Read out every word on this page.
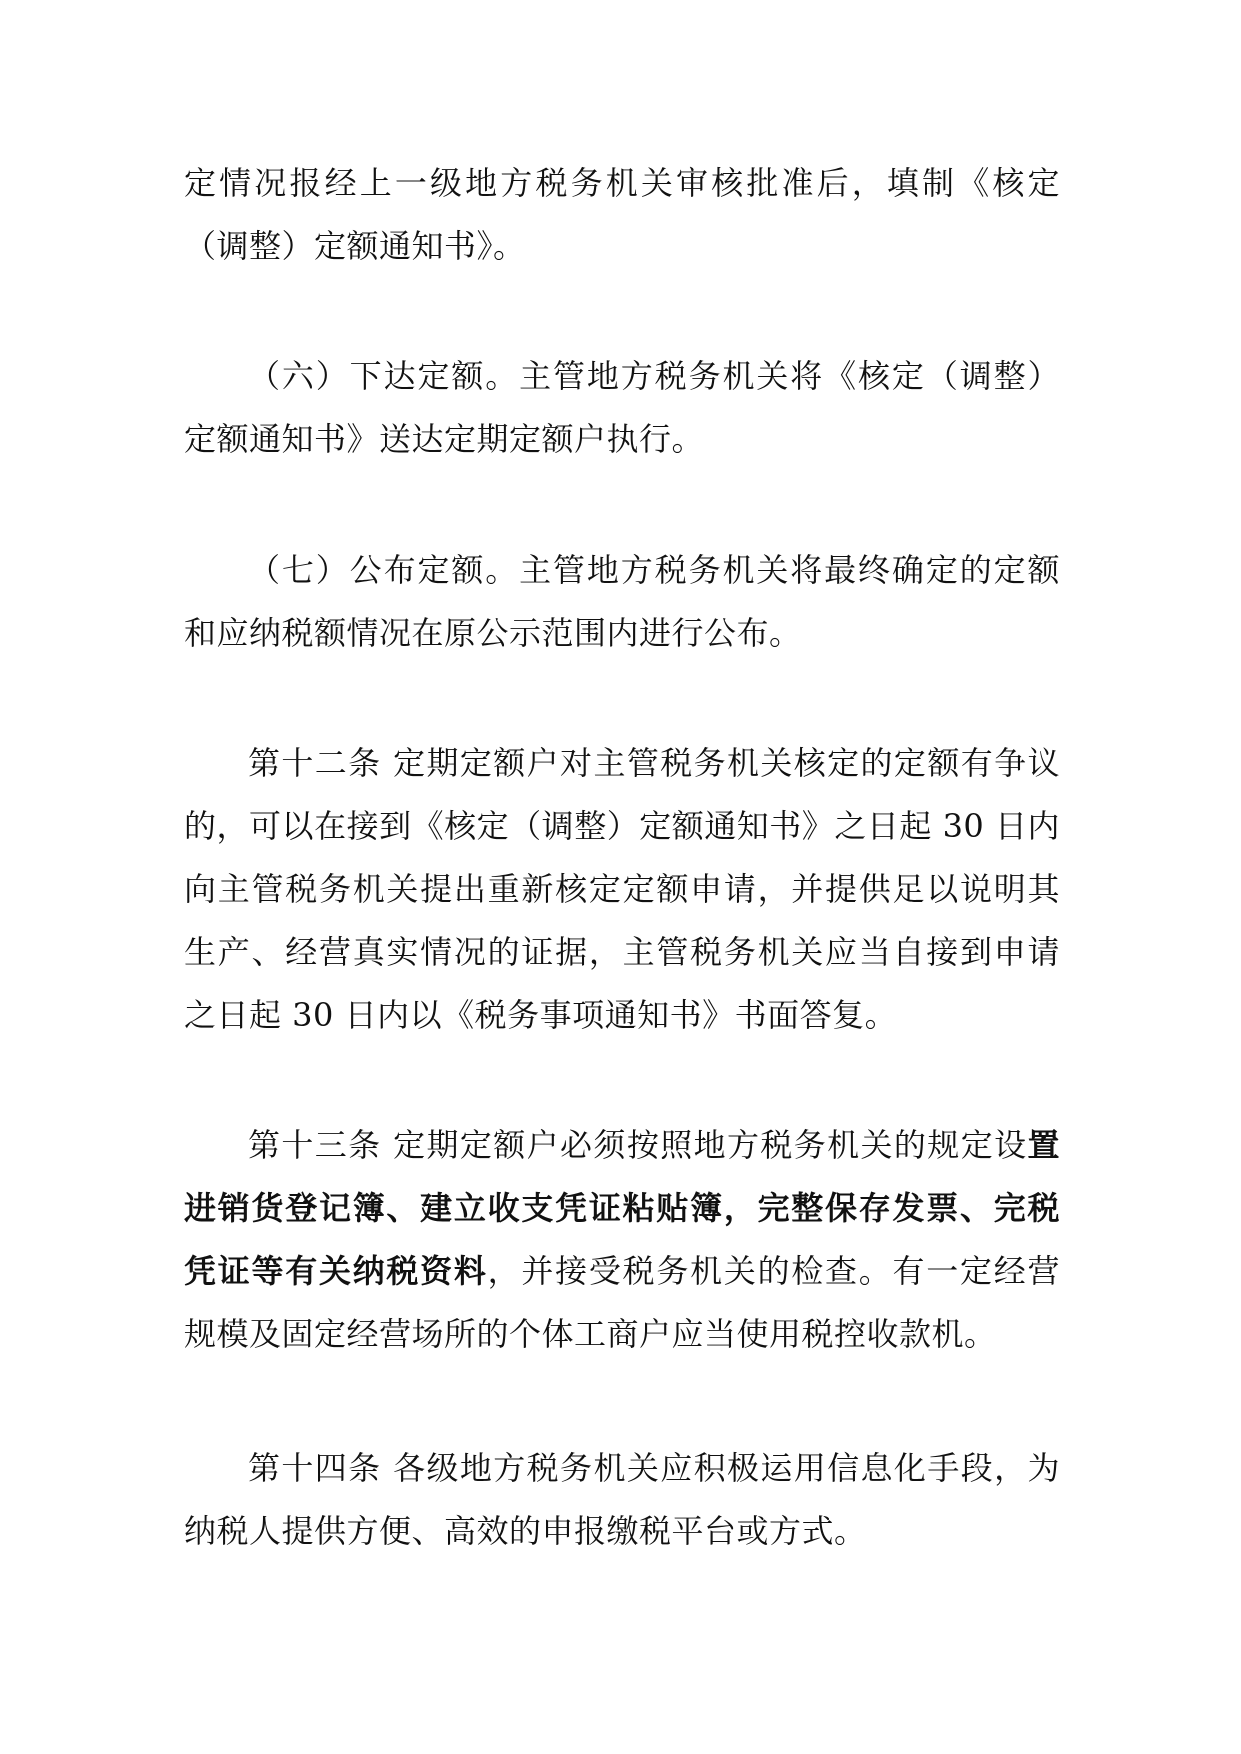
定情况报经上一级地方税务机关审核批准后，填制《核定（调整）定额通知书》。

（六）下达定额。主管地方税务机关将《核定（调整）定额通知书》送达定期定额户执行。

（七）公布定额。主管地方税务机关将最终确定的定额和应纳税额情况在原公示范围内进行公布。

第十二条 定期定额户对主管税务机关核定的定额有争议的，可以在接到《核定（调整）定额通知书》之日起 30 日内向主管税务机关提出重新核定定额申请，并提供足以说明其生产、经营真实情况的证据，主管税务机关应当自接到申请之日起 30 日内以《税务事项通知书》书面答复。

第十三条 定期定额户必须按照地方税务机关的规定设置进销货登记簿、建立收支凭证粘贴簿，完整保存发票、完税凭证等有关纳税资料，并接受税务机关的检查。有一定经营规模及固定经营场所的个体工商户应当使用税控收款机。

第十四条 各级地方税务机关应积极运用信息化手段，为纳税人提供方便、高效的申报缴税平台或方式。
